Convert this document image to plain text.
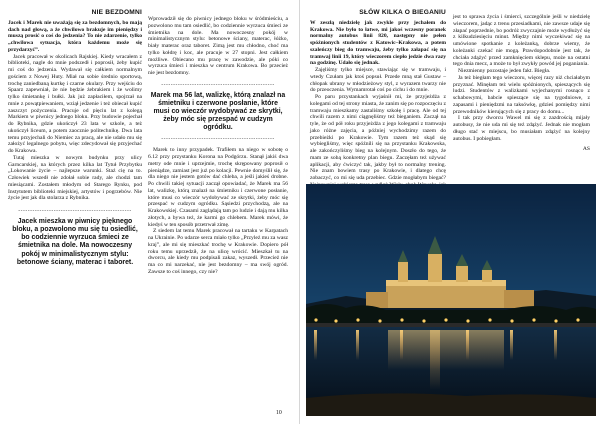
NIE BEZDOMNI

Jacek i Marek nie uważają się za bezdomnych, bo mają dach nad głową, a że chwilowo brakuje im pieniędzy i muszą prosić o coś do jedzenia? To nie zdarzenie, tylko „chwilowa sytuacja, która każdemu może się przydarzyć”.

Jacek pracował w okolicach Rajskiej. Kiedy wracałem z biblioteki, nagle do mnie podszedł i poprosił, żeby kupić mi coś do jedzenia. Wydawał się całkiem normalnym gościem z Nowej Huty. Miał na sobie średnio sportową, trochę zaniedbaną kurtkę i czarne okulary. Przy wejściu do Spaarz zapewniał, że nie będzie żebrakiem i że wolimy tylko śmietankę i bułki. Jak już zapłaciłem, spojrzał na mnie z powątpiewaniem, wziął jedzenie i też obiecał kupić zaszczyt pożyczenia. Pracuje od pięciu lat z kolegą Markiem w piwnicy jednego bloku. Przy budowie pojechał do Rybnika, gdzie ukończył 23 lata w szkole, a też ukończył liceum, a potem zaocznie politechnikę. Dwa lata temu przyjechali do Niemiec za pracą, ale nie udało mu się założyć legalnego pobytu, więc zdecydował się przyjechać do Krakowa.

Tutaj mieszka w nowym budynku przy ulicy Garncarskiej, na których przez kilka lat Tytuł Przybytku „Lokowanie życie – najlepsze warunki. Staż cię na to. Człowiek wszedł nie zdołał sobie rady, ale chodzi tam miesiącami. Zostałem młodym od Starego Rynku, pod Instytutem biblioteki miejskiej, artystów i pogrzebów. Nie życie jest jak dla stolarza z Rybnika.

------------------------------------------------
Jacek mieszka w piwnicy pięknego bloku, a pozwolono mu się tu osiedlić, bo codziennie wyrzuca śmieci ze śmietnika na dole. Ma nowoczesny pokój w minimalistycznym stylu: betonowe ściany, materac i taboret.

Wprowadził się do piwnicy jednego bloku w śródmieściu, a pozwolono mu tam osiedlić, bo codziennie wyrzuca śmieci ze śmietnika na dole. Ma nowoczesny pokój w minimalistycznym stylu: betonowe ściany, materac, łóżko, biały materac oraz taboret. Zimą jest mu chłodno, choć ma tylko kołdrę i koc, ale pracuje w 27 stopni. Jest całkiem możliwe. Obiecano mu pracę w zawodzie, ale póki co wyrzuca śmieci i mieszka w centrum Krakowa. Bo przecież nie jest bezdomny.

------------------------------------------------
Marek ma 56 lat, walizkę, którą znalazł na śmietniku i czerwone posłanie, które musi co wieczór wydobywać ze skrytki, żeby móc się przespać w cudzym ogródku.
------------------------------------------------

Marek to inny przypadek. Trafiłem na niego w sobotę o 6.12 przy przystanku Korona na Podgórzu. Stanął jakiś dwa metry ode mnie i uprzejmie, trochę skrępowany poprosił o pieniądze, zamiast jest już po kolacji. Pewnie domyślił się, że dla niego nie jestem gotów dać chleba, a jeśli jakieś drobne. Po chwili takiej sytuacji zaczął opowiadać, że Marek ma 56 lat, walizkę, którą znalazł na śmietniku i czerwone posłanie, które musi co wieczór wydobywać ze skrytki, żeby móc się przespać w cudzym ogródku. Sąsiedzi przychodzą, ale na Krakowskiej. Czasami zaglądają tam po ludzie i dają mu kilka złotych, a bywa też, że karmi go chlebem. Marek mówi, że kiedyś w ten sposób przetrwał zimę.

Z siedem lat temu Marek pracował na tartaku w Karpatach na Ukrainie. Po udarze serca miało tylko „Przyleż mu za wasz kraj”, ale mi się mieszkać trochę w Krakowie. Dopiero pół roku temu uprzedził, że na ulicę wrócić. Mieszkał tu na dworcu, ale kiedy mu podpisali zakaz, wyszedł. Przecież nie ma co mi narzekać, nie jest bezdomny – ma swój ogród. Zawsze to coś innego, czy nie?

10
SŁÓW KILKA O BIEGANIU

W zeszłą niedzielę jak zwykle przy jechałem do Krakowa. Nie było to łatwe, mi jakoś wczesny poranek normalny autobus linii 820, następny nie pełen spóźnionych studentów z Katowic–Krakowa, a potem szaleńczy bieg do tramwaju, żeby tylko załapać się na tramwaj linii 19, który wieczorem ciepło jedzie dwa razy na godzinę. Udało się jednak.

Zajęliśmy tylko miejsce, stawiając się w tramwaju, i wtedy Czułam jak ktoś popsuł. Przede mną stał Gustaw – chłopak ubrany w młodzieżowy styl, z wyrazem twarzy nie do przeoczenia. Wymamrotał coś po cichu i do mnie.

Po paru przystankach wyjaśnił mi, że przyjeżdża z kolegami od tej strony miasta, że zanim się po rozpoczęciu z tramwaju mieszkamy zastaliśmy szkołę i pracę. Ale od tej chwili razem z nimi ciągnęliśmy też bieganiem. Zaczął na tyle, że od pół roku przyjeżdża z jego kolegami z tramwaju jako różne zajęcia, a później wychodzimy razem do przebieżki po Krakowie. Tym razem też skąd się wybiegliśmy, więc spóźnili się na przystanku Krakowska, ale zakończyliśmy bieg na kolejnym. Doszło do tego, że mam ze sobą konkretny plan biegu. Zaczęłam też używać aplikacji, aby ćwiczyć tak, jakby był to normalny trening. Nie znam bowiem trasy po Krakowie, i dlatego chcę zobaczyć, co mi się uda przebiec. Gdzie mogłabym biegać?

jest to sprawa życia i śmierci, szczególnie jeśli w niedzielę wieczorem, jadąc z trenu przesiadkami, nie zawsze udaje się złapać poprzednie, bo podróż zwyczajnie może wydłużyć się z kilkudziesięciu minut. Między nimi wyczekiwać się na umówione spotkanie z koleżanką, dobrze wiemy, że koleżanki czekać nie mogą. Prawdopodobnie jest tak, że chciała zdążyć przed zamknięciem sklepu, może na ostatni tego dnia mecz, a może to był zwykły powód jej poganiania.

Niezmienny pozostaje jeden fakt. Biegła.

Ja też biegłam tego wieczoru, więcej razy niż chciałabym przyznać. Minęłam też wielu spóźnionych, spieszących się ludzi. Studentów z walizkami wyjechanymi rosnąco z schabowymi, babcie spieszące się na tygodniowe, z zapasami i pieniędzmi na taksówkę, gdzieś pomiędzy nimi przewodników kierujących się z pracy do domu...

I tak przy dworcu Wawel mi się z zazdrością mijały autobusy, że nie uda mi się też zdążyć. Jednak nie mogłam długo stać w miejscu, bo musiałam zdążyć na kolejny autobus. I pobiegłam.

AS
